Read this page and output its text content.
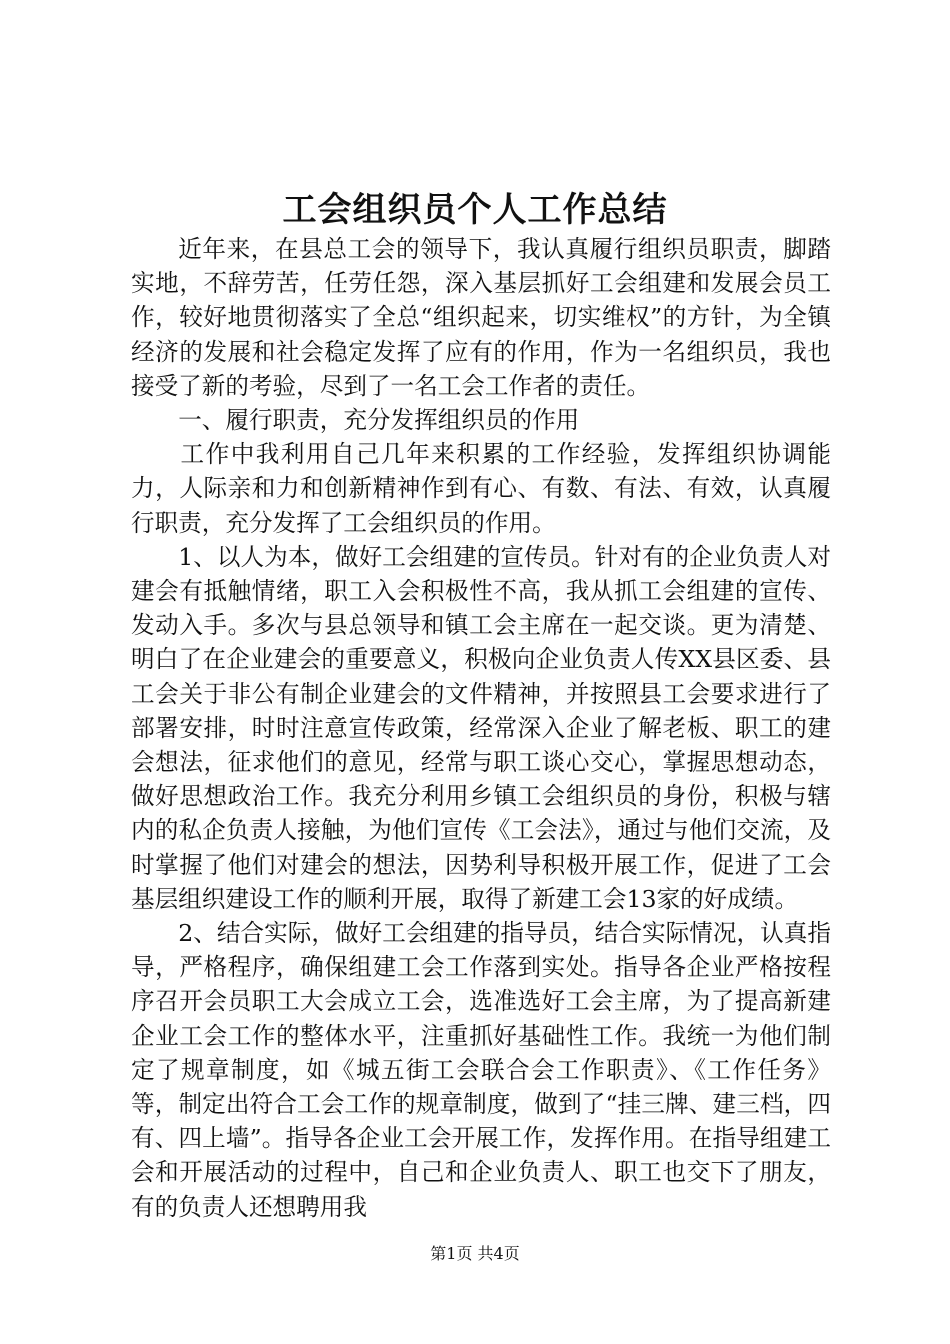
工会组织员个人工作总结

近年来，在县总工会的领导下，我认真履行组织员职责，脚踏实地，不辞劳苦，任劳任怨，深入基层抓好工会组建和发展会员工作，较好地贯彻落实了全总“组织起来，切实维权”的方针，为全镇经济的发展和社会稳定发挥了应有的作用，作为一名组织员，我也接受了新的考验，尽到了一名工会工作者的责任。

一、履行职责，充分发挥组织员的作用

工作中我利用自己几年来积累的工作经验，发挥组织协调能力，人际亲和力和创新精神作到有心、有数、有法、有效，认真履行职责，充分发挥了工会组织员的作用。

1、以人为本，做好工会组建的宣传员。针对有的企业负责人对建会有抵触情绪，职工入会积极性不高，我从抓工会组建的宣传、发动入手。多次与县总领导和镇工会主席在一起交谈。更为清楚、明白了在企业建会的重要意义，积极向企业负责人传XX县区委、县工会关于非公有制企业建会的文件精神，并按照县工会要求进行了部署安排，时时注意宣传政策，经常深入企业了解老板、职工的建会想法，征求他们的意见，经常与职工谈心交心，掌握思想动态，做好思想政治工作。我充分利用乡镇工会组织员的身份，积极与辖内的私企负责人接触，为他们宣传《工会法》，通过与他们交流，及时掌握了他们对建会的想法，因势利导积极开展工作，促进了工会基层组织建设工作的顺利开展，取得了新建工会13家的好成绩。

2、结合实际，做好工会组建的指导员，结合实际情况，认真指导，严格程序，确保组建工会工作落到实处。指导各企业严格按程序召开会员职工大会成立工会，选准选好工会主席，为了提高新建企业工会工作的整体水平，注重抓好基础性工作。我统一为他们制定了规章制度，如《城五街工会联合会工作职责》、《工作任务》等，制定出符合工会工作的规章制度，做到了“挂三牌、建三档，四有、四上墙”。指导各企业工会开展工作，发挥作用。在指导组建工会和开展活动的过程中，自己和企业负责人、职工也交下了朋友，有的负责人还想聘用我

第1页 共4页
